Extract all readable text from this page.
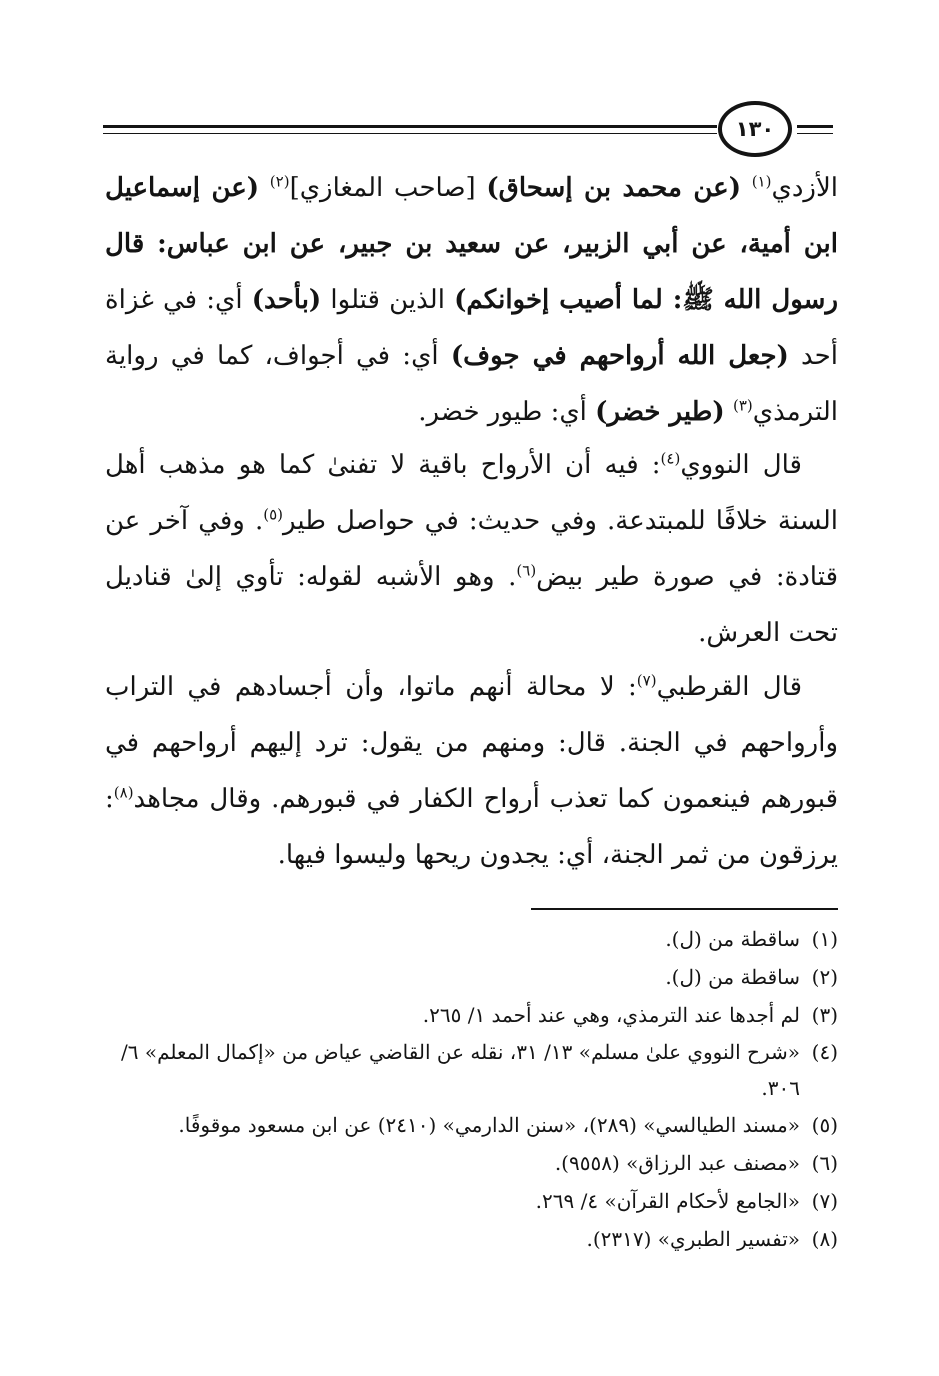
١٣٠

الأزدي$^{(١)}$ (عن محمد بن إسحاق) [صاحب المغازي]$^{(٢)}$ (عن إسماعيل ابن أمية، عن أبي الزبير، عن سعيد بن جبير، عن ابن عباس: قال رسول الله ﷺ: لما أصيب إخوانكم) الذين قتلوا (بأحد) أي: في غزاة أحد (جعل الله أرواحهم في جوف) أي: في أجواف، كما في رواية الترمذي$^{(٣)}$ (طير خضر) أي: طيور خضر.

قال النووي$^{(٤)}$: فيه أن الأرواح باقية لا تفنىٰ كما هو مذهب أهل السنة خلافًا للمبتدعة. وفي حديث: في حواصل طير$^{(٥)}$. وفي آخر عن قتادة: في صورة طير بيض$^{(٦)}$. وهو الأشبه لقوله: تأوي إلىٰ قناديل تحت العرش.

قال القرطبي$^{(٧)}$: لا محالة أنهم ماتوا، وأن أجسادهم في التراب وأرواحهم في الجنة. قال: ومنهم من يقول: ترد إليهم أرواحهم في قبورهم فينعمون كما تعذب أرواح الكفار في قبورهم. وقال مجاهد$^{(٨)}$: يرزقون من ثمر الجنة، أي: يجدون ريحها وليسوا فيها.

(١)
ساقطة من (ل).
(٢)
ساقطة من (ل).
(٣)
لم أجدها عند الترمذي، وهي عند أحمد ١/ ٢٦٥.
(٤)
«شرح النووي علىٰ مسلم» ١٣/ ٣١، نقله عن القاضي عياض من «إكمال المعلم» ٦/ ٣٠٦.
(٥)
«مسند الطيالسي» (٢٨٩)، «سنن الدارمي» (٢٤١٠) عن ابن مسعود موقوفًا.
(٦)
«مصنف عبد الرزاق» (٩٥٥٨).
(٧)
«الجامع لأحكام القرآن» ٤/ ٢٦٩.
(٨)
«تفسير الطبري» (٢٣١٧).
